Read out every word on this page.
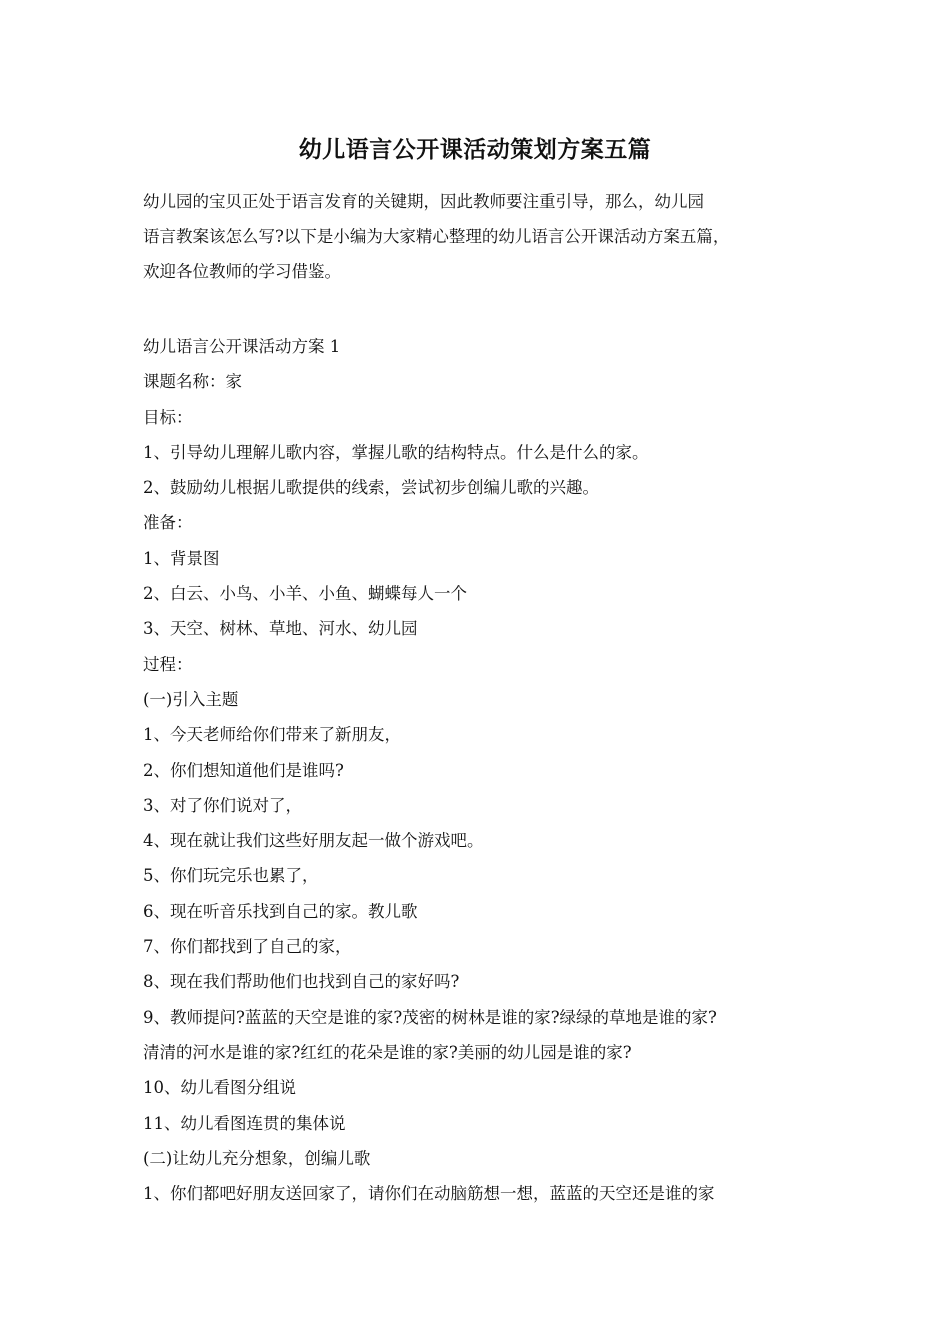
幼儿语言公开课活动策划方案五篇
幼儿园的宝贝正处于语言发育的关键期，因此教师要注重引导，那么，幼儿园
语言教案该怎么写?以下是小编为大家精心整理的幼儿语言公开课活动方案五篇，
欢迎各位教师的学习借鉴。
幼儿语言公开课活动方案 1
课题名称：家
目标：
1、引导幼儿理解儿歌内容，掌握儿歌的结构特点。什么是什么的家。
2、鼓励幼儿根据儿歌提供的线索，尝试初步创编儿歌的兴趣。
准备：
1、背景图
2、白云、小鸟、小羊、小鱼、蝴蝶每人一个
3、天空、树林、草地、河水、幼儿园
过程：
(一)引入主题
1、今天老师给你们带来了新朋友，
2、你们想知道他们是谁吗?
3、对了你们说对了，
4、现在就让我们这些好朋友起一做个游戏吧。
5、你们玩完乐也累了，
6、现在听音乐找到自己的家。教儿歌
7、你们都找到了自己的家，
8、现在我们帮助他们也找到自己的家好吗?
9、教师提问?蓝蓝的天空是谁的家?茂密的树林是谁的家?绿绿的草地是谁的家?
清清的河水是谁的家?红红的花朵是谁的家?美丽的幼儿园是谁的家?
10、幼儿看图分组说
11、幼儿看图连贯的集体说
(二)让幼儿充分想象，创编儿歌
1、你们都吧好朋友送回家了，请你们在动脑筋想一想，蓝蓝的天空还是谁的家
